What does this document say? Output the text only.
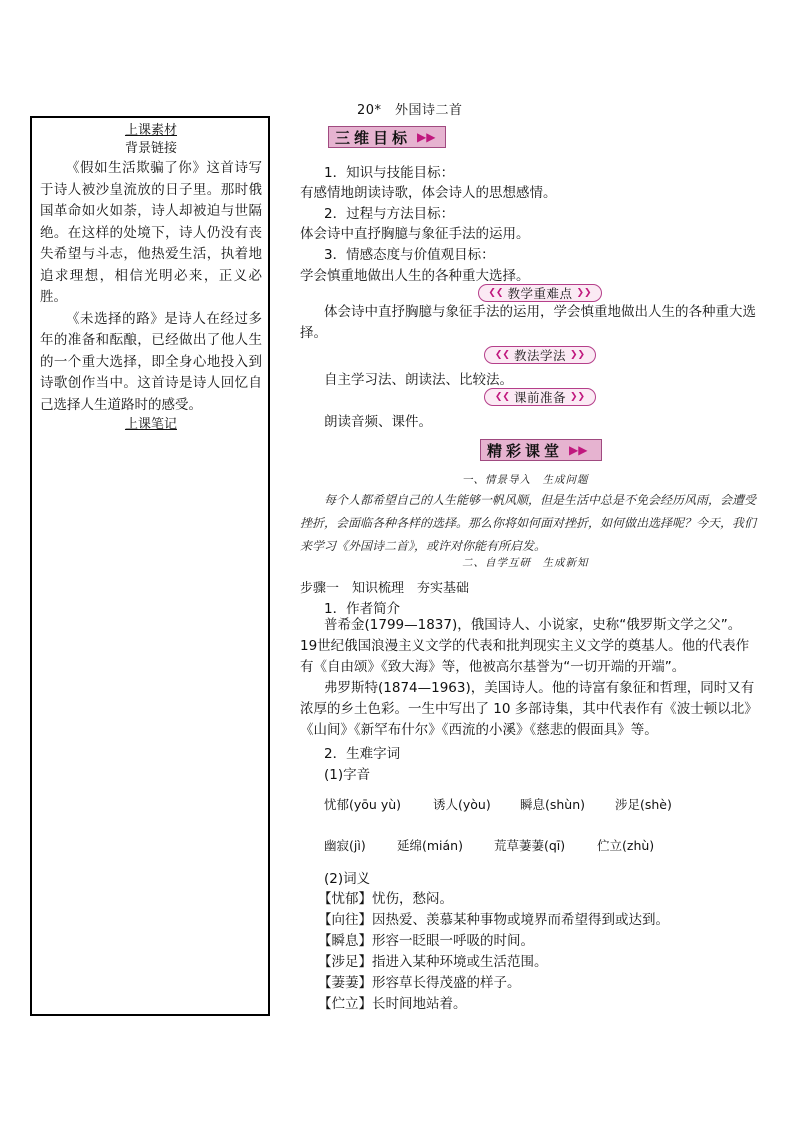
20*　外国诗二首
上课素材
背景链接

《假如生活欺骗了你》这首诗写于诗人被沙皇流放的日子里。那时俄国革命如火如荼，诗人却被迫与世隔绝。在这样的处境下，诗人仍没有丧失希望与斗志，他热爱生活，执着地追求理想，相信光明必来，正义必胜。

《未选择的路》是诗人在经过多年的准备和酝酿，已经做出了他人生的一个重大选择，即全身心地投入到诗歌创作当中。这首诗是诗人回忆自己选择人生道路时的感受。

上课笔记
三维目标 ▶▶
1．知识与技能目标：
有感情地朗读诗歌，体会诗人的思想感情。
2．过程与方法目标：
体会诗中直抒胸臆与象征手法的运用。
3．情感态度与价值观目标：
学会慎重地做出人生的各种重大选择。
❮❮ 教学重难点 ❯❯
体会诗中直抒胸臆与象征手法的运用，学会慎重地做出人生的各种重大选择。
❮❮ 教法学法 ❯❯
自主学习法、朗读法、比较法。
❮❮ 课前准备 ❯❯
朗读音频、课件。
精彩课堂 ▶▶
一、情景导入　生成问题
每个人都希望自己的人生能够一帆风顺，但是生活中总是不免会经历风雨，会遭受挫折，会面临各种各样的选择。那么你将如何面对挫折，如何做出选择呢？今天，我们来学习《外国诗二首》，或许对你能有所启发。
二、自学互研　生成新知
步骤一　知识梳理　夯实基础
1．作者简介
普希金(1799—1837)，俄国诗人、小说家，史称“俄罗斯文学之父”。19世纪俄国浪漫主义文学的代表和批判现实主义文学的奠基人。他的代表作有《自由颂》《致大海》等，他被高尔基誉为“一切开端的开端”。
弗罗斯特(1874—1963)，美国诗人。他的诗富有象征和哲理，同时又有浓厚的乡土色彩。一生中写出了 10 多部诗集，其中代表作有《波士顿以北》《山间》《新罕布什尔》《西流的小溪》《慈悲的假面具》等。
2．生难字词
(1)字音
忧郁(yōu yù)	诱人(yòu) 瞬息(shùn) 涉足(shè)
幽寂(jì)	延绵(mián) 荒草萋萋(qī)	伫立(zhù)
(2)词义
【忧郁】忧伤，愁闷。
【向往】因热爱、羡慕某种事物或境界而希望得到或达到。
【瞬息】形容一眨眼一呼吸的时间。
【涉足】指进入某种环境或生活范围。
【萋萋】形容草长得茂盛的样子。
【伫立】长时间地站着。
